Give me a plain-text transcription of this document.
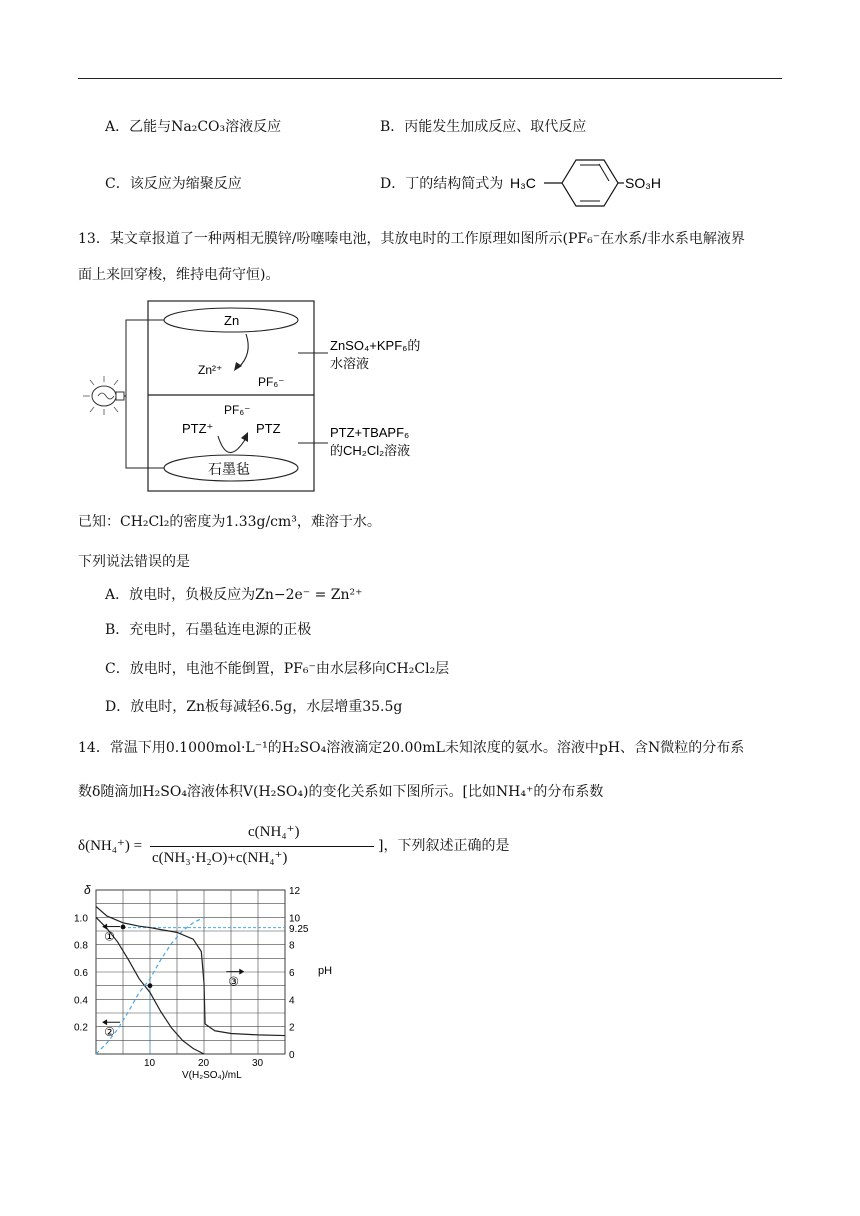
A．乙能与Na₂CO₃溶液反应	B．丙能发生加成反应、取代反应
C．该反应为缩聚反应	D．丁的结构简式为 H₃C	SO₃H
13．某文章报道了一种两相无膜锌/吩噻嗪电池，其放电时的工作原理如图所示(PF₆⁻在水系/非水系电解液界
面上来回穿梭，维持电荷守恒)。
Zn
Zn²⁺
PF₆⁻
PF₆⁻
PTZ⁺	PTZ
石墨毡
ZnSO₄+KPF₆的
水溶液
PTZ+TBAPF₆
的CH₂Cl₂溶液
已知：CH₂Cl₂的密度为1.33g/cm³，难溶于水。
下列说法错误的是
A．放电时，负极反应为Zn−2e⁻ = Zn²⁺
B．充电时，石墨毡连电源的正极
C．放电时，电池不能倒置，PF₆⁻由水层移向CH₂Cl₂层
D．放电时，Zn板每减轻6.5g，水层增重35.5g
14．常温下用0.1000mol·L⁻¹的H₂SO₄溶液滴定20.00mL未知浓度的氨水。溶液中pH、含N微粒的分布系
数δ随滴加H₂SO₄溶液体积V(H₂SO₄)的变化关系如下图所示。[比如NH₄⁺的分布系数
δ(NH₄⁺) =
c(NH₄⁺)
c(NH₃·H₂O)+c(NH₄⁺)
]，下列叙述正确的是
10	20	30
0.2
0.4
0.6
0.8
1.0
0
2
4
6
8
10
12
δ
pH
V(H₂SO₄)/mL
9.25
①
②
③
